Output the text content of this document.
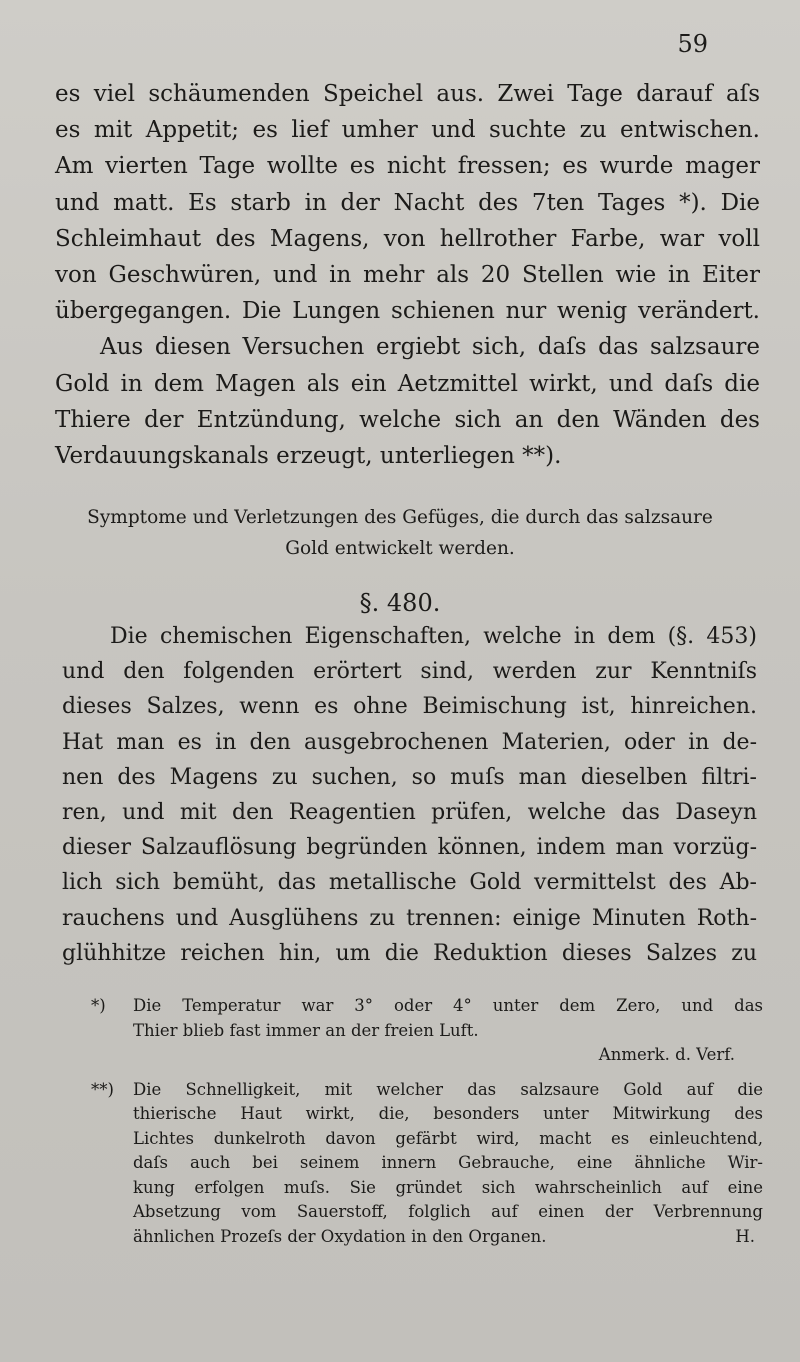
59
es viel schäumenden Speichel aus. Zwei Tage darauf aſs
es mit Appetit; es lief umher und suchte zu entwischen.
Am vierten Tage wollte es nicht fressen; es wurde mager
und matt. Es starb in der Nacht des 7ten Tages *). Die
Schleimhaut des Magens, von hellrother Farbe, war voll
von Geschwüren, und in mehr als 20 Stellen wie in Eiter
übergegangen. Die Lungen schienen nur wenig verändert.
Aus diesen Versuchen ergiebt sich, daſs das salzsaure
Gold in dem Magen als ein Aetzmittel wirkt, und daſs die
Thiere der Entzündung, welche sich an den Wänden des
Verdauungskanals erzeugt, unterliegen **).
Symptome und Verletzungen des Gefüges, die durch das salzsaure
Gold entwickelt werden.
§. 480.
Die chemischen Eigenschaften, welche in dem (§. 453)
und den folgenden erörtert sind, werden zur Kenntniſs
dieses Salzes, wenn es ohne Beimischung ist, hinreichen.
Hat man es in den ausgebrochenen Materien, oder in de-
nen des Magens zu suchen, so muſs man dieselben filtri-
ren, und mit den Reagentien prüfen, welche das Daseyn
dieser Salzauflösung begründen können, indem man vorzüg-
lich sich bemüht, das metallische Gold vermittelst des Ab-
rauchens und Ausglühens zu trennen: einige Minuten Roth-
glühhitze reichen hin, um die Reduktion dieses Salzes zu
*)	Die Temperatur war 3° oder 4° unter dem Zero, und das
Thier blieb fast immer an der freien Luft.
Anmerk. d. Verf.
**)	Die Schnelligkeit, mit welcher das salzsaure Gold auf die
thierische Haut wirkt, die, besonders unter Mitwirkung des
Lichtes dunkelroth davon gefärbt wird, macht es einleuchtend,
daſs auch bei seinem innern Gebrauche, eine ähnliche Wir-
kung erfolgen muſs. Sie gründet sich wahrscheinlich auf eine
Absetzung vom Sauerstoff, folglich auf einen der Verbrennung
ähnlichen Prozeſs der Oxydation in den Organen.	H.
